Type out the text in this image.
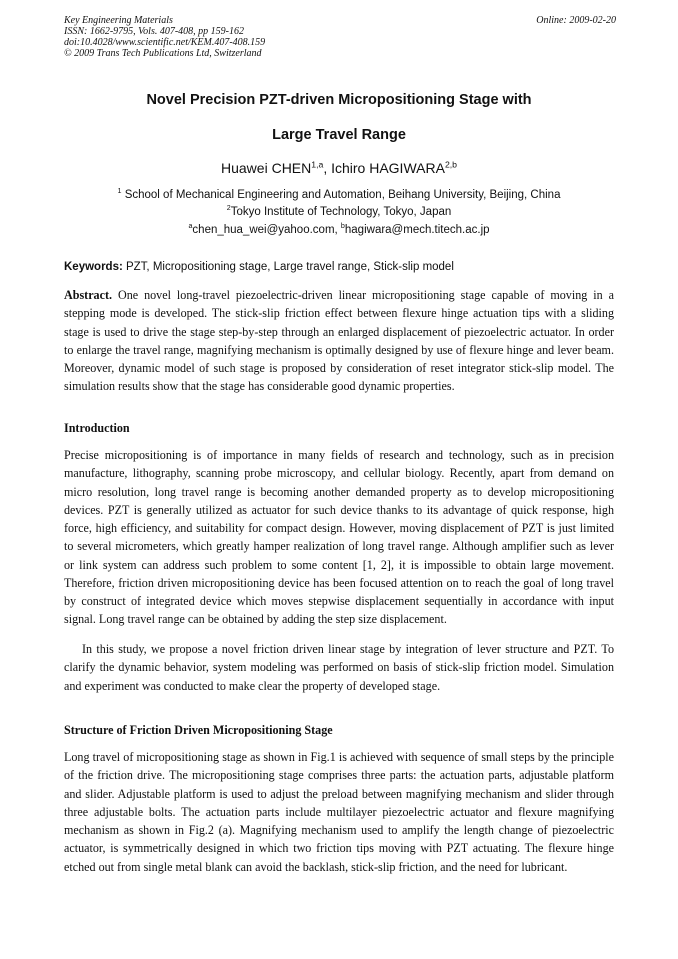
Key Engineering Materials
ISSN: 1662-9795, Vols. 407-408, pp 159-162
doi:10.4028/www.scientific.net/KEM.407-408.159
© 2009 Trans Tech Publications Ltd, Switzerland
Online: 2009-02-20
Novel Precision PZT-driven Micropositioning Stage with
Large Travel Range
Huawei CHEN$^{1,a}$, Ichiro HAGIWARA$^{2,b}$
$^1$ School of Mechanical Engineering and Automation, Beihang University, Beijing, China
$^2$Tokyo Institute of Technology, Tokyo, Japan
$^a$chen_hua_wei@yahoo.com, $^b$hagiwara@mech.titech.ac.jp
Keywords: PZT, Micropositioning stage, Large travel range, Stick-slip model

Abstract. One novel long-travel piezoelectric-driven linear micropositioning stage capable of moving in a stepping mode is developed. The stick-slip friction effect between flexure hinge actuation tips with a sliding stage is used to drive the stage step-by-step through an enlarged displacement of piezoelectric actuator. In order to enlarge the travel range, magnifying mechanism is optimally designed by use of flexure hinge and lever beam. Moreover, dynamic model of such stage is proposed by consideration of reset integrator stick-slip model. The simulation results show that the stage has considerable good dynamic properties.

Introduction

Precise micropositioning is of importance in many fields of research and technology, such as in precision manufacture, lithography, scanning probe microscopy, and cellular biology. Recently, apart from demand on micro resolution, long travel range is becoming another demanded property as to develop micropositioning devices. PZT is generally utilized as actuator for such device thanks to its advantage of quick response, high force, high efficiency, and suitability for compact design. However, moving displacement of PZT is just limited to several micrometers, which greatly hamper realization of long travel range. Although amplifier such as lever or link system can address such problem to some content [1, 2], it is impossible to obtain large movement. Therefore, friction driven micropositioning device has been focused attention on to reach the goal of long travel by construct of integrated device which moves stepwise displacement sequentially in accordance with input signal. Long travel range can be obtained by adding the step size displacement.

In this study, we propose a novel friction driven linear stage by integration of lever structure and PZT. To clarify the dynamic behavior, system modeling was performed on basis of stick-slip friction model. Simulation and experiment was conducted to make clear the property of developed stage.

Structure of Friction Driven Micropositioning Stage

Long travel of micropositioning stage as shown in Fig.1 is achieved with sequence of small steps by the principle of the friction drive. The micropositioning stage comprises three parts: the actuation parts, adjustable platform and slider. Adjustable platform is used to adjust the preload between magnifying mechanism and slider through three adjustable bolts. The actuation parts include multilayer piezoelectric actuator and flexure magnifying mechanism as shown in Fig.2 (a). Magnifying mechanism used to amplify the length change of piezoelectric actuator, is symmetrically designed in which two friction tips moving with PZT actuating. The flexure hinge etched out from single metal blank can avoid the backlash, stick-slip friction, and the need for lubricant.
